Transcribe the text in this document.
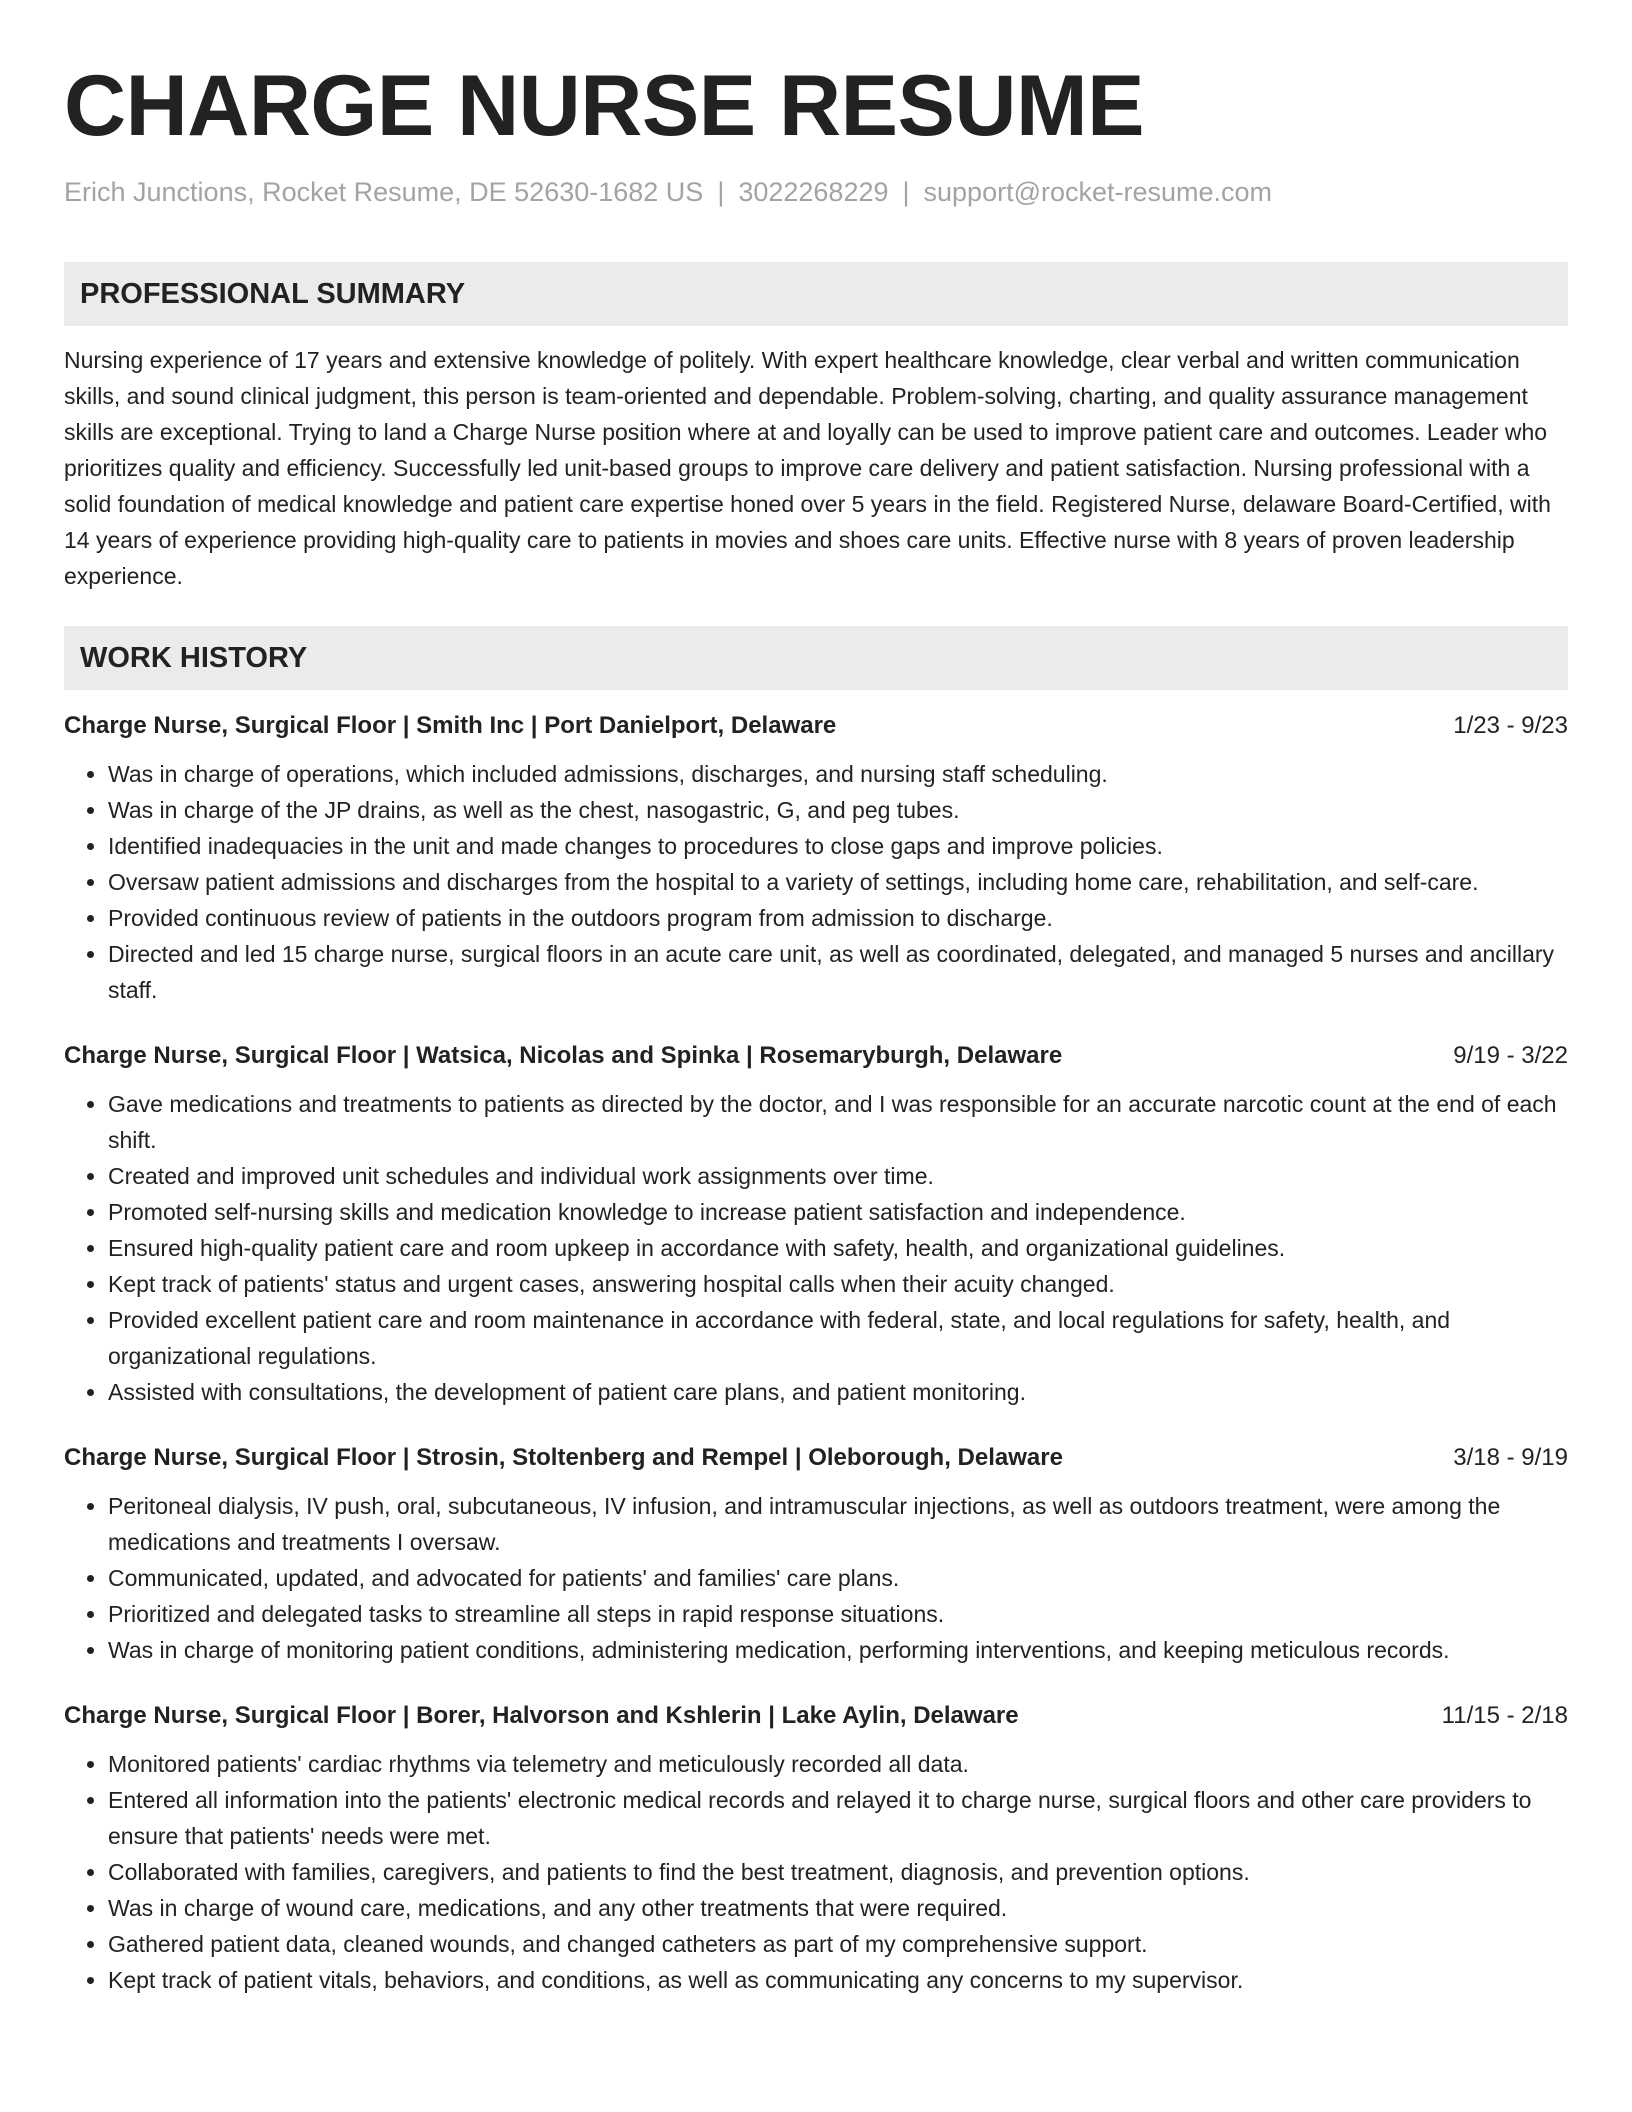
CHARGE NURSE RESUME
Erich Junctions, Rocket Resume, DE 52630-1682 US | 3022268229 | support@rocket-resume.com
PROFESSIONAL SUMMARY
Nursing experience of 17 years and extensive knowledge of politely. With expert healthcare knowledge, clear verbal and written communication skills, and sound clinical judgment, this person is team-oriented and dependable. Problem-solving, charting, and quality assurance management skills are exceptional. Trying to land a Charge Nurse position where at and loyally can be used to improve patient care and outcomes. Leader who prioritizes quality and efficiency. Successfully led unit-based groups to improve care delivery and patient satisfaction. Nursing professional with a solid foundation of medical knowledge and patient care expertise honed over 5 years in the field. Registered Nurse, delaware Board-Certified, with 14 years of experience providing high-quality care to patients in movies and shoes care units. Effective nurse with 8 years of proven leadership experience.
WORK HISTORY
Charge Nurse, Surgical Floor | Smith Inc | Port Danielport, Delaware	1/23 - 9/23
• Was in charge of operations, which included admissions, discharges, and nursing staff scheduling.
• Was in charge of the JP drains, as well as the chest, nasogastric, G, and peg tubes.
• Identified inadequacies in the unit and made changes to procedures to close gaps and improve policies.
• Oversaw patient admissions and discharges from the hospital to a variety of settings, including home care, rehabilitation, and self-care.
• Provided continuous review of patients in the outdoors program from admission to discharge.
• Directed and led 15 charge nurse, surgical floors in an acute care unit, as well as coordinated, delegated, and managed 5 nurses and ancillary staff.
Charge Nurse, Surgical Floor | Watsica, Nicolas and Spinka | Rosemaryburgh, Delaware	9/19 - 3/22
• Gave medications and treatments to patients as directed by the doctor, and I was responsible for an accurate narcotic count at the end of each shift.
• Created and improved unit schedules and individual work assignments over time.
• Promoted self-nursing skills and medication knowledge to increase patient satisfaction and independence.
• Ensured high-quality patient care and room upkeep in accordance with safety, health, and organizational guidelines.
• Kept track of patients' status and urgent cases, answering hospital calls when their acuity changed.
• Provided excellent patient care and room maintenance in accordance with federal, state, and local regulations for safety, health, and organizational regulations.
• Assisted with consultations, the development of patient care plans, and patient monitoring.
Charge Nurse, Surgical Floor | Strosin, Stoltenberg and Rempel | Oleborough, Delaware	3/18 - 9/19
• Peritoneal dialysis, IV push, oral, subcutaneous, IV infusion, and intramuscular injections, as well as outdoors treatment, were among the medications and treatments I oversaw.
• Communicated, updated, and advocated for patients' and families' care plans.
• Prioritized and delegated tasks to streamline all steps in rapid response situations.
• Was in charge of monitoring patient conditions, administering medication, performing interventions, and keeping meticulous records.
Charge Nurse, Surgical Floor | Borer, Halvorson and Kshlerin | Lake Aylin, Delaware	11/15 - 2/18
• Monitored patients' cardiac rhythms via telemetry and meticulously recorded all data.
• Entered all information into the patients' electronic medical records and relayed it to charge nurse, surgical floors and other care providers to ensure that patients' needs were met.
• Collaborated with families, caregivers, and patients to find the best treatment, diagnosis, and prevention options.
• Was in charge of wound care, medications, and any other treatments that were required.
• Gathered patient data, cleaned wounds, and changed catheters as part of my comprehensive support.
• Kept track of patient vitals, behaviors, and conditions, as well as communicating any concerns to my supervisor.
